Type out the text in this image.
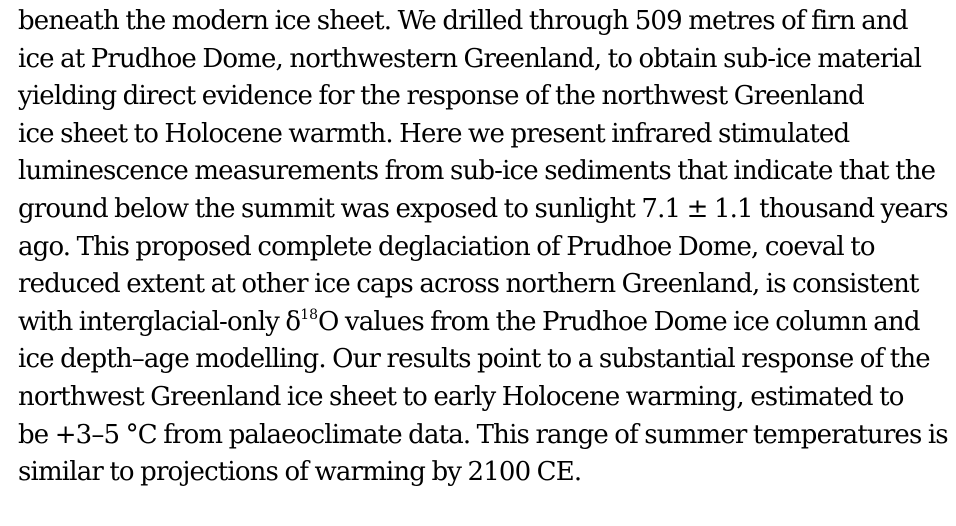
beneath the modern ice sheet. We drilled through 509 metres of firn and
ice at Prudhoe Dome, northwestern Greenland, to obtain sub-ice material
yielding direct evidence for the response of the northwest Greenland
ice sheet to Holocene warmth. Here we present infrared stimulated
luminescence measurements from sub-ice sediments that indicate that the
ground below the summit was exposed to sunlight 7.1 ± 1.1 thousand years
ago. This proposed complete deglaciation of Prudhoe Dome, coeval to
reduced extent at other ice caps across northern Greenland, is consistent
with interglacial-only $\delta^{18}O$ values from the Prudhoe Dome ice column and
ice depth–age modelling. Our results point to a substantial response of the
northwest Greenland ice sheet to early Holocene warming, estimated to
be +3–5 °C from palaeoclimate data. This range of summer temperatures is
similar to projections of warming by 2100 CE.
